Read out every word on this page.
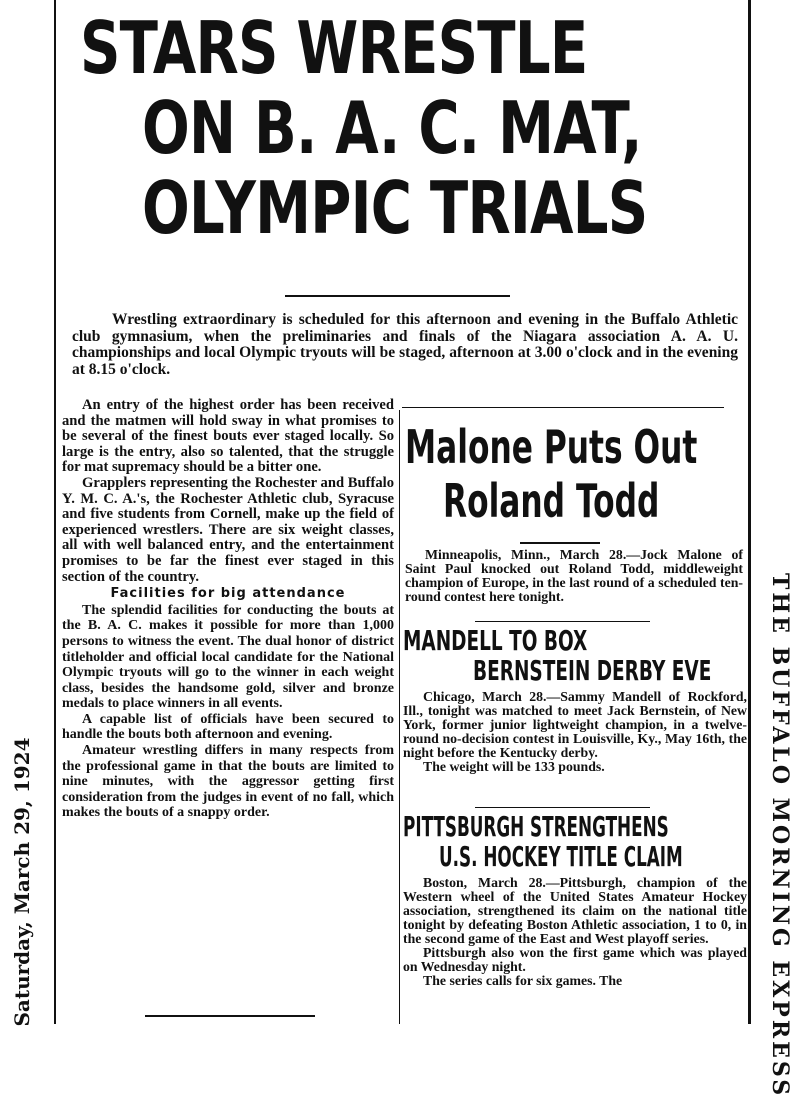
Saturday, March 29, 1924	THE BUFFALO MORNING EXPRESS
STARS WRESTLE
ON B. A. C. MAT,
OLYMPIC TRIALS
Wrestling extraordinary is scheduled for this afternoon and evening in the Buffalo Athletic club gymnasium, when the preliminaries and finals of the Niagara association A. A. U. championships and local Olympic tryouts will be staged, afternoon at 3.00 o'clock and in the evening at 8.15 o'clock.

An entry of the highest order has been received and the matmen will hold sway in what promises to be several of the finest bouts ever staged locally. So large is the entry, also so talented, that the struggle for mat supremacy should be a bitter one.

Grapplers representing the Rochester and Buffalo Y. M. C. A.'s, the Rochester Athletic club, Syracuse and five students from Cornell, make up the field of experienced wrestlers. There are six weight classes, all with well balanced entry, and the entertainment promises to be far the finest ever staged in this section of the country.

Facilities for big attendance

The splendid facilities for conducting the bouts at the B. A. C. makes it possible for more than 1,000 persons to witness the event. The dual honor of district titleholder and official local candidate for the National Olympic tryouts will go to the winner in each weight class, besides the handsome gold, silver and bronze medals to place winners in all events.

A capable list of officials have been secured to handle the bouts both afternoon and evening.

Amateur wrestling differs in many respects from the professional game in that the bouts are limited to nine minutes, with the aggressor getting first consideration from the judges in event of no fall, which makes the bouts of a snappy order.

Malone Puts Out
Roland Todd

Minneapolis, Minn., March 28.—Jock Malone of Saint Paul knocked out Roland Todd, middleweight champion of Europe, in the last round of a scheduled ten-round contest here tonight.

MANDELL TO BOX
BERNSTEIN DERBY EVE

Chicago, March 28.—Sammy Mandell of Rockford, Ill., tonight was matched to meet Jack Bernstein, of New York, former junior lightweight champion, in a twelve-round no-decision contest in Louisville, Ky., May 16th, the night before the Kentucky derby.

The weight will be 133 pounds.

PITTSBURGH STRENGTHENS
U.S. HOCKEY TITLE CLAIM

Boston, March 28.—Pittsburgh, champion of the Western wheel of the United States Amateur Hockey association, strengthened its claim on the national title tonight by defeating Boston Athletic association, 1 to 0, in the second game of the East and West playoff series.

Pittsburgh also won the first game which was played on Wednesday night.

The series calls for six games. The
